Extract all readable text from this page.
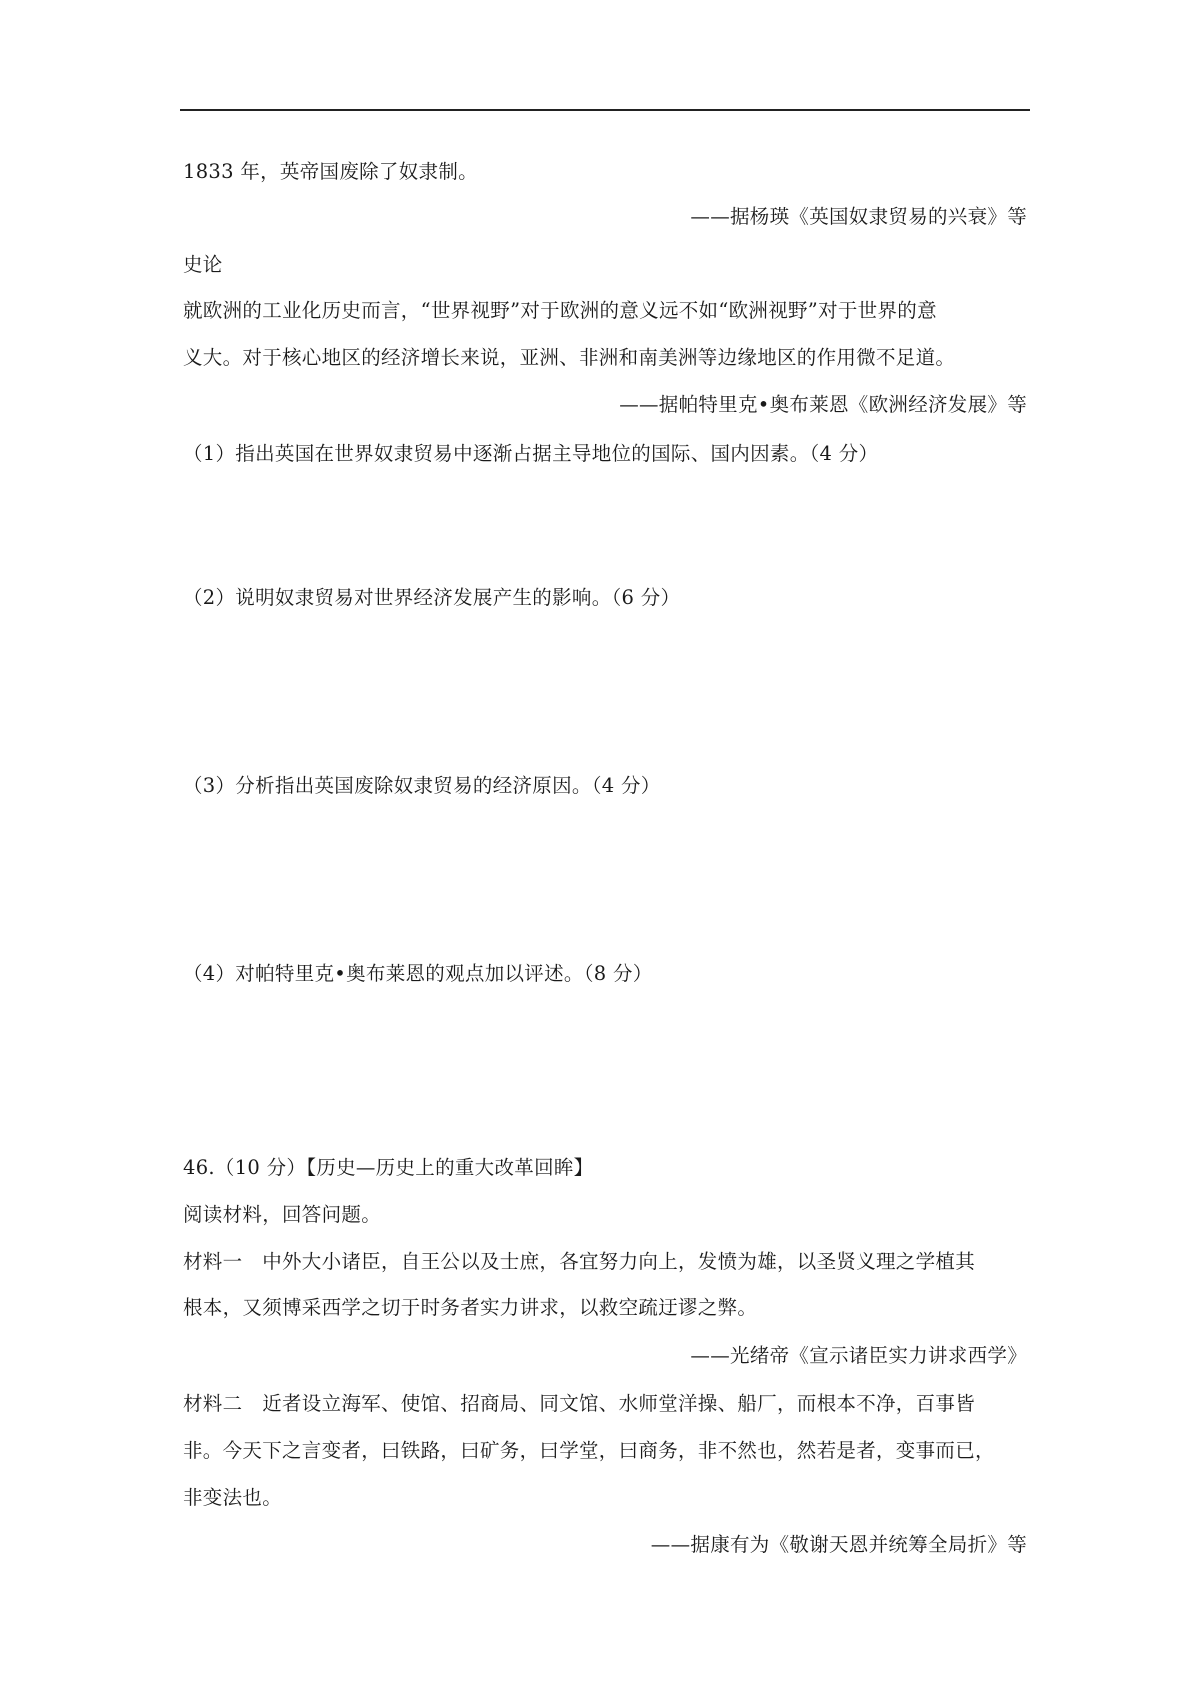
1833 年，英帝国废除了奴隶制。
——据杨瑛《英国奴隶贸易的兴衰》等
史论
就欧洲的工业化历史而言，“世界视野”对于欧洲的意义远不如“欧洲视野”对于世界的意
义大。对于核心地区的经济增长来说，亚洲、非洲和南美洲等边缘地区的作用微不足道。
——据帕特里克•奥布莱恩《欧洲经济发展》等
（1）指出英国在世界奴隶贸易中逐渐占据主导地位的国际、国内因素。（4 分）
（2）说明奴隶贸易对世界经济发展产生的影响。（6 分）
（3）分析指出英国废除奴隶贸易的经济原因。（4 分）
（4）对帕特里克•奥布莱恩的观点加以评述。（8 分）
46.（10 分）【历史—历史上的重大改革回眸】
阅读材料，回答问题。
材料一　中外大小诸臣，自王公以及士庶，各宜努力向上，发愤为雄，以圣贤义理之学植其
根本，又须博采西学之切于时务者实力讲求，以救空疏迂谬之弊。
——光绪帝《宣示诸臣实力讲求西学》
材料二　近者设立海军、使馆、招商局、同文馆、水师堂洋操、船厂，而根本不净，百事皆
非。今天下之言变者，曰铁路，曰矿务，曰学堂，曰商务，非不然也，然若是者，变事而已，
非变法也。
——据康有为《敬谢天恩并统筹全局折》等
